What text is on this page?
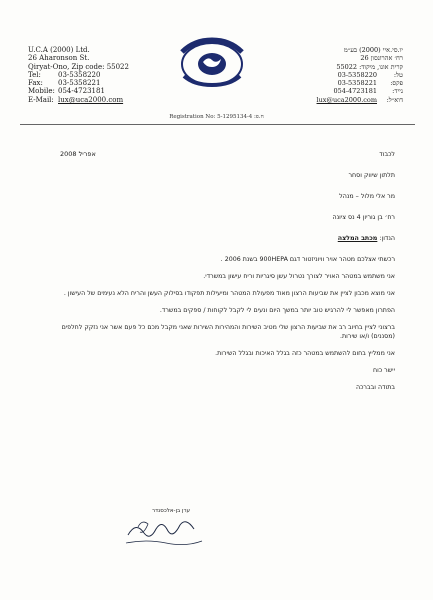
U.C.A (2000) Ltd.
26 Aharonson St.
Qiryat-Ono, Zip code: 55022
Tel:	03-5358220
Fax:	03-5358221
Mobile: 054-4723181
E-Mail: lux@uca2000.com
יו.סי.איי (2000) בע״מ
רח׳ אהרונסון 26
קרית אונו, מיקוד: 55022
טל:
03-5358220
פקס:
03-5358221
נייד:
054-4723181
דוא״ל:
lux@uca2000.com
Registration No: 5-1295134-4 :ח.פ
אפריל 2008	לכבוד

תלתון שיווק וסחר

מר אלי מלול – מנהל

רח׳ בן גוריון 4 נס ציונה

הנדון: מכתב המלצה

רכשתי אצלכם מטהר אויר וויוניזטור דגם 900HEPA בשנת 2006 .

אני משתמש במטהר האויר לצורך נטרול עשן סיגריות וריח עישון במשרדי.

אני מוצא מכבון לציין את שביעות הרצון מאוד מפעולת המטהר ומיעילות תפקודו בסילוק העשן והריח הלא נעימים של העישון .

הפתרון מאפשר לי להרגיש טוב יותר במשך היום ונעים לי לקבל לקוחות / ספקים במשרד.

ברצוני לציין בחיוב רב את שביעות הרצון שלי מטיב השירות והמהירות השירות שאני מקבל מכם כל פעם אשר אני נזקק לחלפים (מסננים) ו/או שירות.

אני ממליץ בחום להשתמש במטהר כזה בגלל האיכות ובגלל השירות.

יישר כוח

בתודה ובברכה

ערן בן-אלכסנדר
